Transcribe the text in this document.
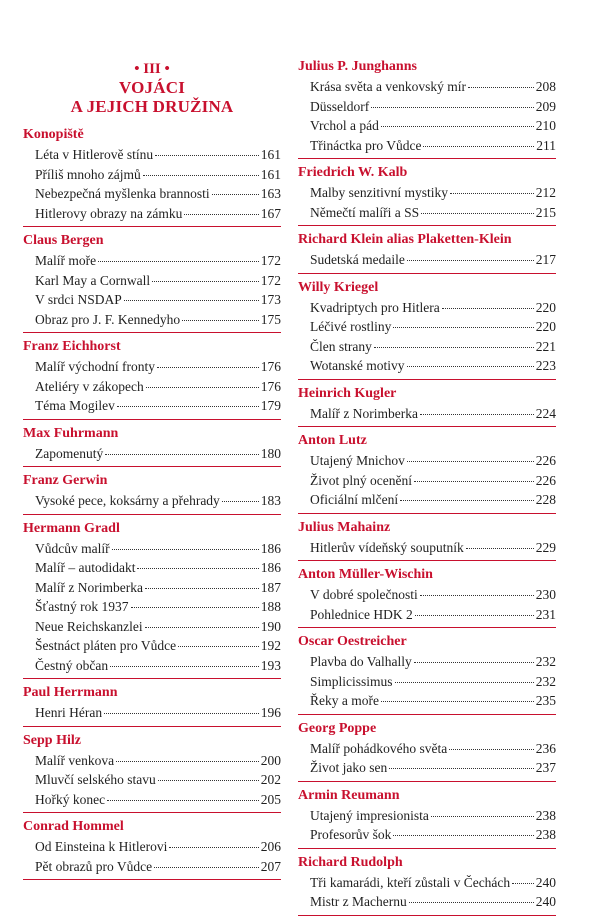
• III •
VOJÁCI
A JEJICH DRUŽINA
Konopiště
Léta v Hitlerově stínu	161
Příliš mnoho zájmů	161
Nebezpečná myšlenka brannosti	163
Hitlerovy obrazy na zámku	167
Claus Bergen
Malíř moře	172
Karl May a Cornwall	172
V srdci NSDAP	173
Obraz pro J. F. Kennedyho	175
Franz Eichhorst
Malíř východní fronty	176
Ateliéry v zákopech	176
Téma Mogilev	179
Max Fuhrmann
Zapomenutý	180
Franz Gerwin
Vysoké pece, koksárny a přehrady	183
Hermann Gradl
Vůdcův malíř	186
Malíř – autodidakt	186
Malíř z Norimberka	187
Šťastný rok 1937	188
Neue Reichskanzlei	190
Šestnáct pláten pro Vůdce	192
Čestný občan	193
Paul Herrmann
Henri Héran	196
Sepp Hilz
Malíř venkova	200
Mluvčí selského stavu	202
Hořký konec	205
Conrad Hommel
Od Einsteina k Hitlerovi	206
Pět obrazů pro Vůdce	207
Julius P. Junghanns
Krása světa a venkovský mír	208
Düsseldorf	209
Vrchol a pád	210
Třináctka pro Vůdce	211
Friedrich W. Kalb
Malby senzitivní mystiky	212
Němečtí malíři a SS	215
Richard Klein alias Plaketten-Klein
Sudetská medaile	217
Willy Kriegel
Kvadriptych pro Hitlera	220
Léčivé rostliny	220
Člen strany	221
Wotanské motivy	223
Heinrich Kugler
Malíř z Norimberka	224
Anton Lutz
Utajený Mnichov	226
Život plný ocenění	226
Oficiální mlčení	228
Julius Mahainz
Hitlerův vídeňský souputník	229
Anton Müller-Wischin
V dobré společnosti	230
Pohlednice HDK 2	231
Oscar Oestreicher
Plavba do Valhally	232
Simplicissimus	232
Řeky a moře	235
Georg Poppe
Malíř pohádkového světa	236
Život jako sen	237
Armin Reumann
Utajený impresionista	238
Profesorův šok	238
Richard Rudolph
Tři kamarádi, kteří zůstali v Čechách 240
Mistr z Machernu	240
